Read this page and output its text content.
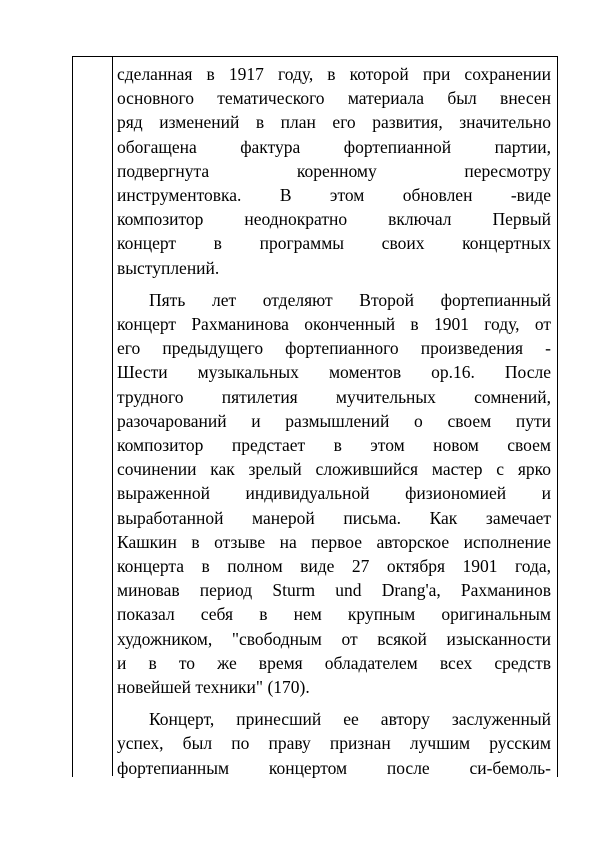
сделанная в 1917 году, в которой при сохранении
основного тематического материала был внесен
ряд изменений в план его развития, значительно
обогащена фактура фортепианной партии,
подвергнута коренному пересмотру
инструментовка. В этом обновлен -виде
композитор неоднократно включал Первый
концерт в программы своих концертных
выступлений.
Пять лет отделяют Второй фортепианный
концерт Рахманинова оконченный в 1901 году, от
его предыдущего фортепианного произведения -
Шести музыкальных моментов ор.16. После
трудного пятилетия мучительных сомнений,
разочарований и размышлений о своем пути
композитор предстает в этом новом своем
сочинении как зрелый сложившийся мастер с ярко
выраженной индивидуальной физиономией и
выработанной манерой письма. Как замечает
Кашкин в отзыве на первое авторское исполнение
концерта в полном виде 27 октября 1901 года,
миновав период Sturm und Drang'a, Рахманинов
показал себя в нем крупным оригинальным
художником, "свободным от всякой изысканности
и в то же время обладателем всех средств
новейшей техники" (170).
Концерт, принесший ее автору заслуженный
успех, был по праву признан лучшим русским
фортепианным концертом после си-бемоль-
